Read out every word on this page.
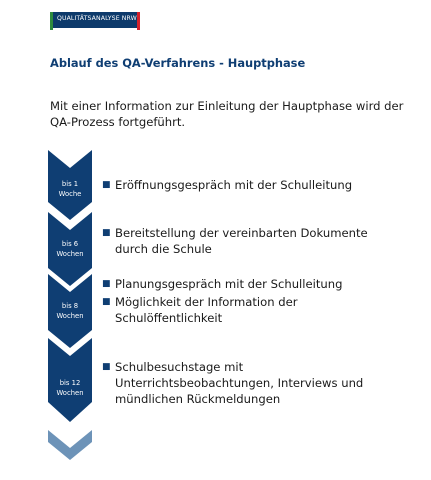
QUALITÄTSANALYSE NRW
Ablauf des QA-Verfahrens - Hauptphase

Mit einer Information zur Einleitung der Hauptphase wird der QA-Prozess fortgeführt.

bis 1
Woche
bis 6
Wochen
bis 8
Wochen
bis 12
Wochen
■ Eröffnungsgespräch mit der Schulleitung
■ Bereitstellung der vereinbarten Dokumente durch die Schule
■ Planungsgespräch mit der Schulleitung
■ Möglichkeit der Information der Schulöffentlichkeit
■ Schulbesuchstage mit Unterrichtsbeobachtungen, Interviews und mündlichen Rückmeldungen
